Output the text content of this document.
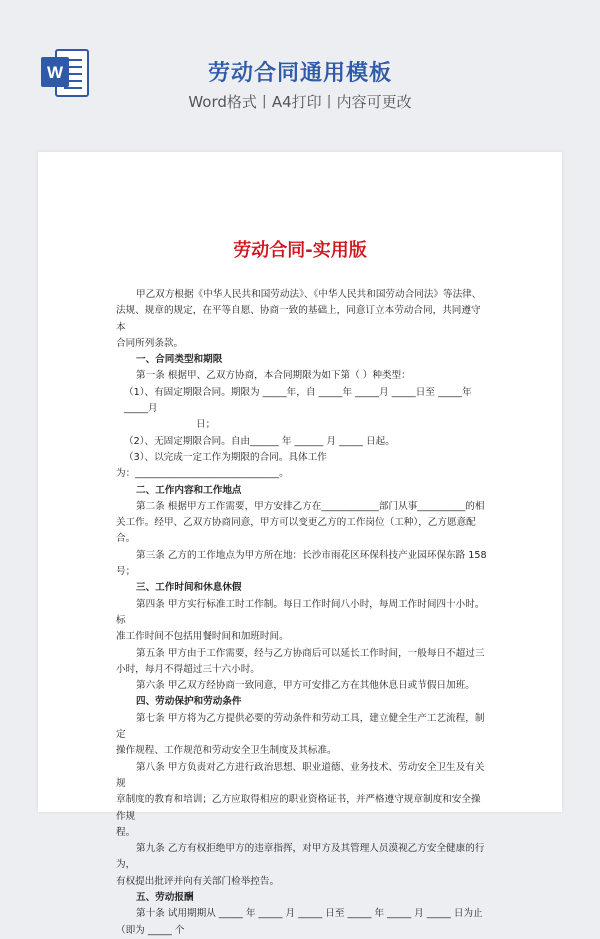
W	劳动合同通用模板
Word格式丨A4打印丨内容可更改
劳动合同-实用版

甲乙双方根据《中华人民共和国劳动法》、《中华人民共和国劳动合同法》等法律、

法规、规章的规定，在平等自愿、协商一致的基础上，同意订立本劳动合同，共同遵守本

合同所列条款。

一、合同类型和期限

第一条 根据甲、乙双方协商，本合同期限为如下第（ ）种类型：

（1）、有固定期限合同。期限为 _____年，自 _____年 _____月 _____日至 _____年 _____月

日；

（2）、无固定期限合同。自由______ 年 ______ 月 _____ 日起。

（3）、以完成一定工作为期限的合同。具体工作

为：______________________________。

二、工作内容和工作地点

第二条 根据甲方工作需要，甲方安排乙方在____________部门从事__________的相

关工作。经甲、乙双方协商同意，甲方可以变更乙方的工作岗位（工种），乙方愿意配合。

第三条 乙方的工作地点为甲方所在地：长沙市雨花区环保科技产业园环保东路 158

号；

三、工作时间和休息休假

第四条 甲方实行标准工时工作制。每日工作时间八小时，每周工作时间四十小时。标

准工作时间不包括用餐时间和加班时间。

第五条 甲方由于工作需要，经与乙方协商后可以延长工作时间，一般每日不超过三

小时，每月不得超过三十六小时。

第六条 甲乙双方经协商一致同意，甲方可安排乙方在其他休息日或节假日加班。

四、劳动保护和劳动条件

第七条 甲方将为乙方提供必要的劳动条件和劳动工具，建立健全生产工艺流程，制定

操作规程、工作规范和劳动安全卫生制度及其标准。

第八条 甲方负责对乙方进行政治思想、职业道德、业务技术、劳动安全卫生及有关规

章制度的教育和培训；乙方应取得相应的职业资格证书，并严格遵守规章制度和安全操作规

程。

第九条 乙方有权拒绝甲方的违章指挥，对甲方及其管理人员漠视乙方安全健康的行为，

有权提出批评并向有关部门检举控告。

五、劳动报酬

第十条 试用期期从 _____ 年 _____ 月 _____ 日至 _____ 年 _____ 月 _____ 日为止（即为 _____ 个
